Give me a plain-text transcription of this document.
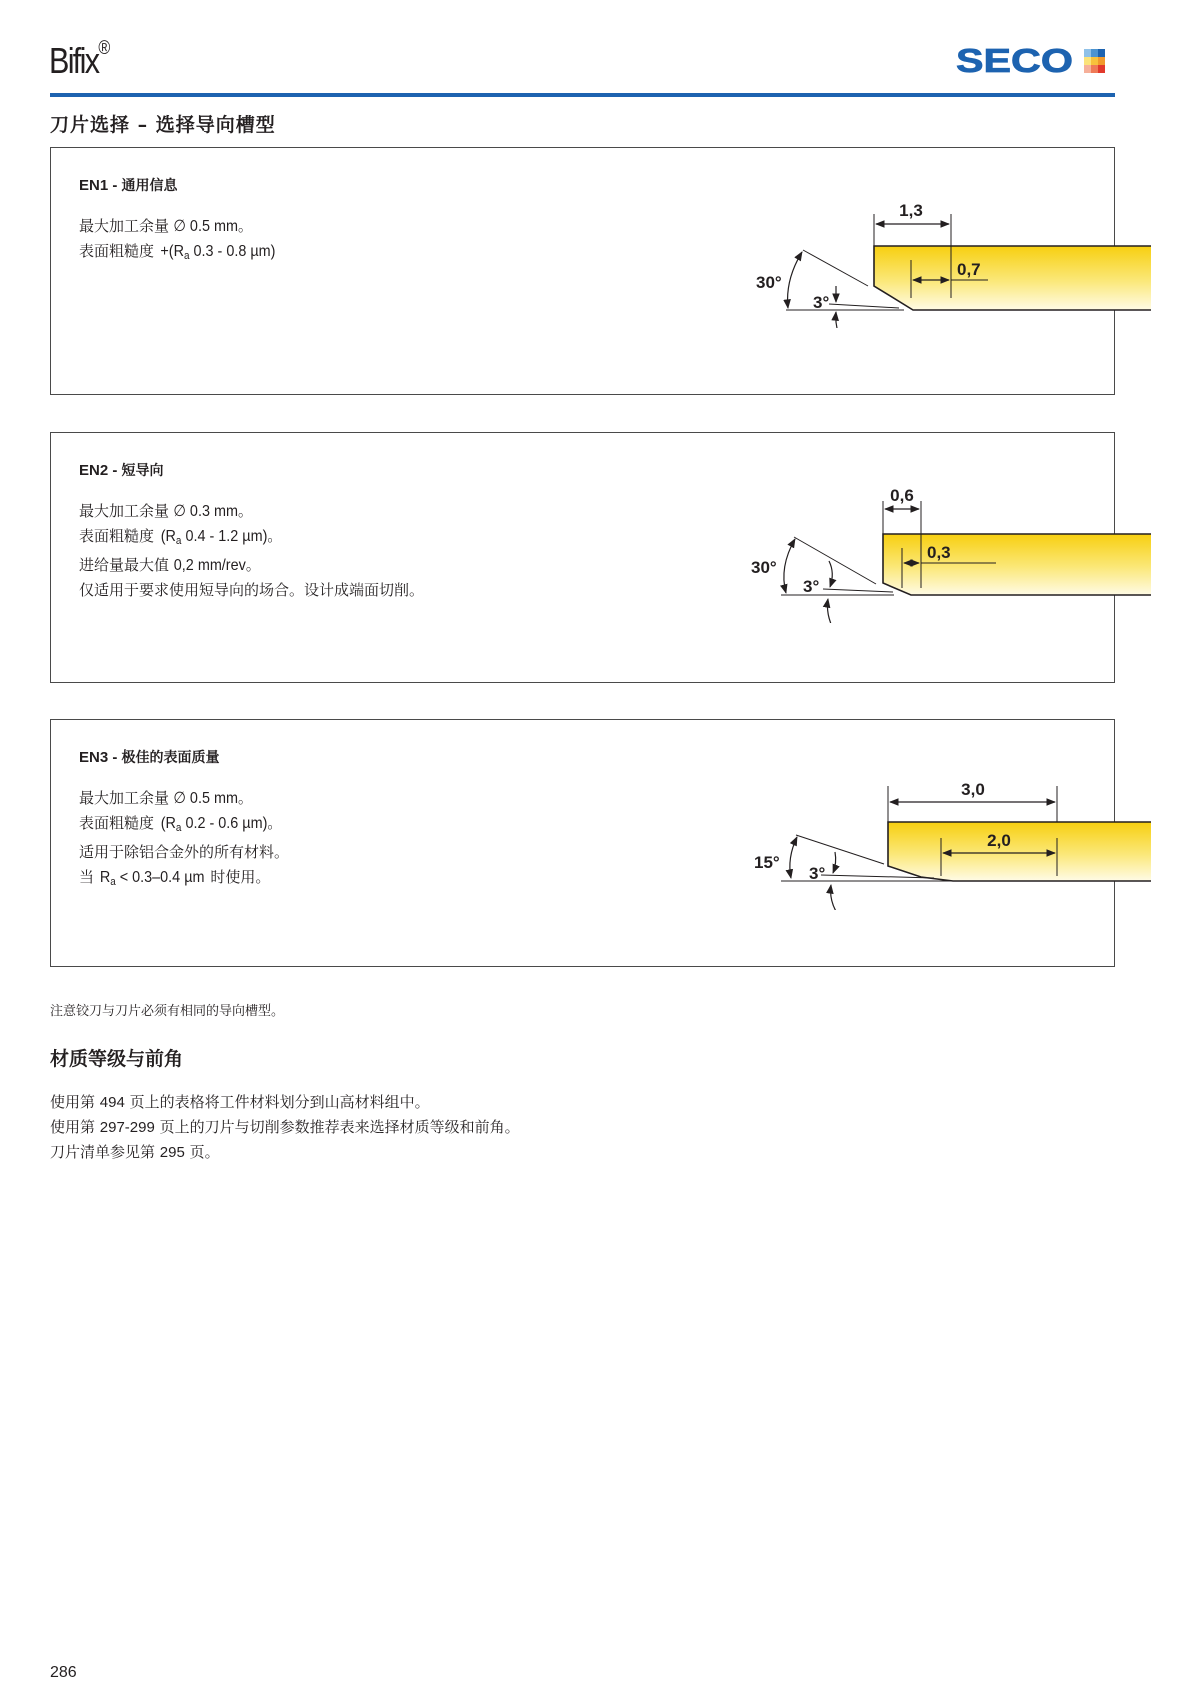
Bifix®	SECO
刀片选择 – 选择导向槽型
EN1 - 通用信息
最大加工余量∅ 0.5 mm。
表面粗糙度$+(R_a$ 0.3 - 0.8 µm)
1,3
0,7
30°
3°
EN2 - 短导向
最大加工余量∅ 0.3 mm。
表面粗糙度($R_a$ 0.4 - 1.2 µm)。
进给量最大值0,2 mm/rev。
仅适用于要求使用短导向的场合。设计成端面切削。
0,6
0,3
30°
3°
EN3 - 极佳的表面质量
最大加工余量∅ 0.5 mm。
表面粗糙度($R_a$ 0.2 - 0.6 µm)。
适用于除铝合金外的所有材料。
当$R_a < 0.3-0.4$ µm时使用。
3,0
2,0
15°
3°
注意铰刀与刀片必须有相同的导向槽型。
材质等级与前角
使用第 494 页上的表格将工件材料划分到山高材料组中。
使用第 297-299 页上的刀片与切削参数推荐表来选择材质等级和前角。
刀片清单参见第 295 页。
286
